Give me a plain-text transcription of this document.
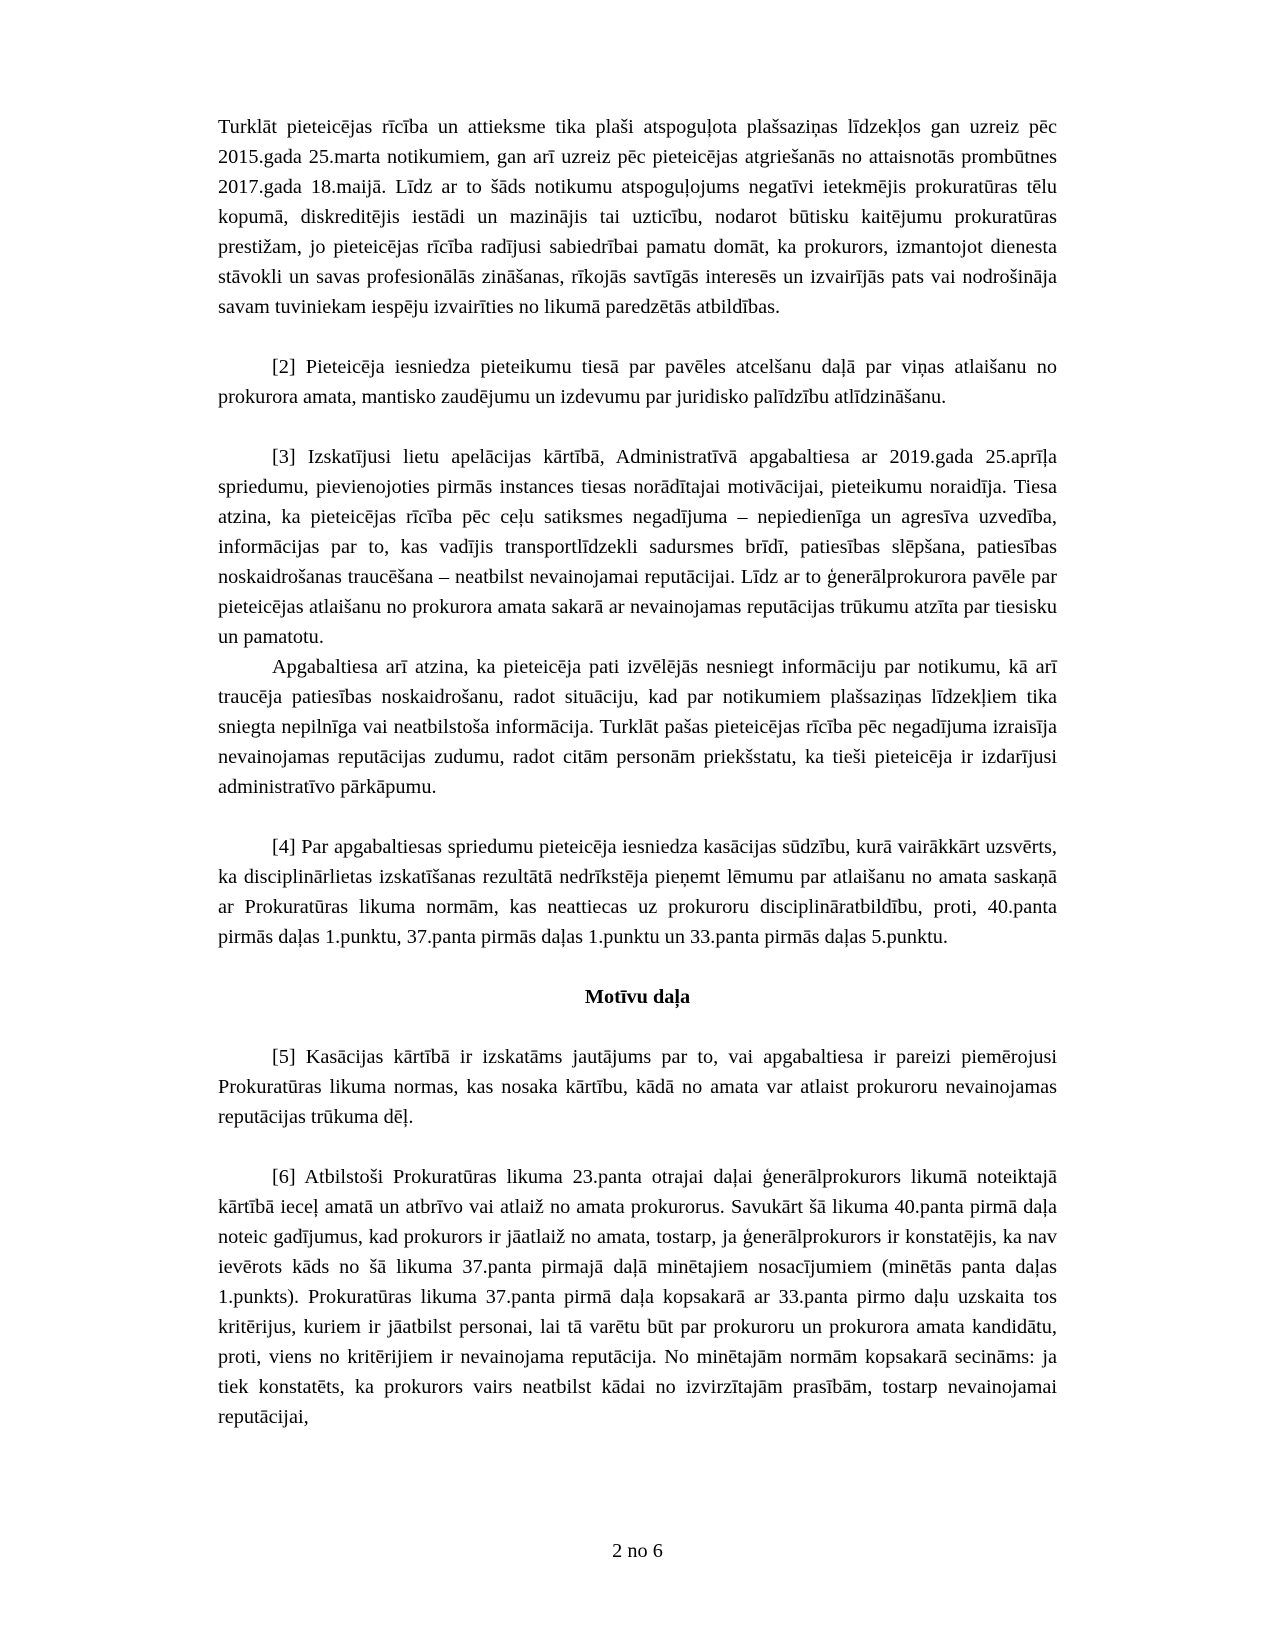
Turklāt pieteicējas rīcība un attieksme tika plaši atspoguļota plašsaziņas līdzekļos gan uzreiz pēc 2015.gada 25.marta notikumiem, gan arī uzreiz pēc pieteicējas atgriešanās no attaisnotās prombūtnes 2017.gada 18.maijā. Līdz ar to šāds notikumu atspoguļojums negatīvi ietekmējis prokuratūras tēlu kopumā, diskreditējis iestādi un mazinājis tai uzticību, nodarot būtisku kaitējumu prokuratūras prestižam, jo pieteicējas rīcība radījusi sabiedrībai pamatu domāt, ka prokurors, izmantojot dienesta stāvokli un savas profesionālās zināšanas, rīkojās savtīgās interesēs un izvairījās pats vai nodrošināja savam tuviniekam iespēju izvairīties no likumā paredzētās atbildības.

[2] Pieteicēja iesniedza pieteikumu tiesā par pavēles atcelšanu daļā par viņas atlaišanu no prokurora amata, mantisko zaudējumu un izdevumu par juridisko palīdzību atlīdzināšanu.

[3] Izskatījusi lietu apelācijas kārtībā, Administratīvā apgabaltiesa ar 2019.gada 25.aprīļa spriedumu, pievienojoties pirmās instances tiesas norādītajai motivācijai, pieteikumu noraidīja. Tiesa atzina, ka pieteicējas rīcība pēc ceļu satiksmes negadījuma – nepiedienīga un agresīva uzvedība, informācijas par to, kas vadījis transportlīdzekli sadursmes brīdī, patiesības slēpšana, patiesības noskaidrošanas traucēšana – neatbilst nevainojamai reputācijai. Līdz ar to ģenerālprokurora pavēle par pieteicējas atlaišanu no prokurora amata sakarā ar nevainojamas reputācijas trūkumu atzīta par tiesisku un pamatotu.

Apgabaltiesa arī atzina, ka pieteicēja pati izvēlējās nesniegt informāciju par notikumu, kā arī traucēja patiesības noskaidrošanu, radot situāciju, kad par notikumiem plašsaziņas līdzekļiem tika sniegta nepilnīga vai neatbilstoša informācija. Turklāt pašas pieteicējas rīcība pēc negadījuma izraisīja nevainojamas reputācijas zudumu, radot citām personām priekšstatu, ka tieši pieteicēja ir izdarījusi administratīvo pārkāpumu.

[4] Par apgabaltiesas spriedumu pieteicēja iesniedza kasācijas sūdzību, kurā vairākkārt uzsvērts, ka disciplinārlietas izskatīšanas rezultātā nedrīkstēja pieņemt lēmumu par atlaišanu no amata saskaņā ar Prokuratūras likuma normām, kas neattiecas uz prokuroru disciplināratbildību, proti, 40.panta pirmās daļas 1.punktu, 37.panta pirmās daļas 1.punktu un 33.panta pirmās daļas 5.punktu.

Motīvu daļa

[5] Kasācijas kārtībā ir izskatāms jautājums par to, vai apgabaltiesa ir pareizi piemērojusi Prokuratūras likuma normas, kas nosaka kārtību, kādā no amata var atlaist prokuroru nevainojamas reputācijas trūkuma dēļ.

[6] Atbilstoši Prokuratūras likuma 23.panta otrajai daļai ģenerālprokurors likumā noteiktajā kārtībā ieceļ amatā un atbrīvo vai atlaiž no amata prokurorus. Savukārt šā likuma 40.panta pirmā daļa noteic gadījumus, kad prokurors ir jāatlaiž no amata, tostarp, ja ģenerālprokurors ir konstatējis, ka nav ievērots kāds no šā likuma 37.panta pirmajā daļā minētajiem nosacījumiem (minētās panta daļas 1.punkts). Prokuratūras likuma 37.panta pirmā daļa kopsakarā ar 33.panta pirmo daļu uzskaita tos kritērijus, kuriem ir jāatbilst personai, lai tā varētu būt par prokuroru un prokurora amata kandidātu, proti, viens no kritērijiem ir nevainojama reputācija. No minētajām normām kopsakarā secināms: ja tiek konstatēts, ka prokurors vairs neatbilst kādai no izvirzītajām prasībām, tostarp nevainojamai reputācijai,

2 no 6
